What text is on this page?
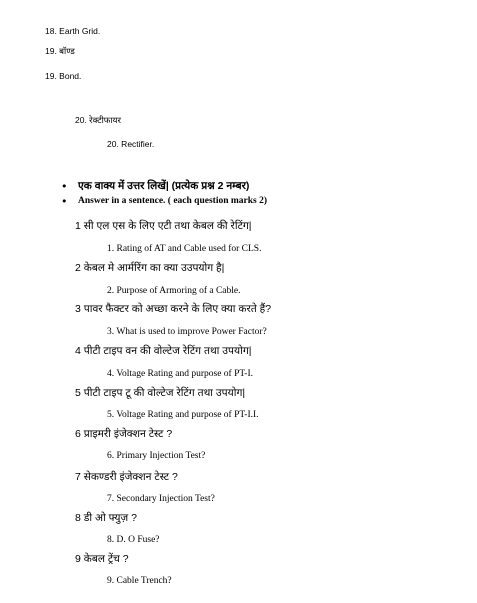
18. Earth Grid.
19. बॉण्ड
19. Bond.
20. रेक्टीफायर
20. Rectifier.
• एक वाक्य में उत्तर लिखें| (प्रत्येक प्रश्न 2 नम्बर)
• Answer in a sentence. ( each question marks 2)
1 सी एल एस के लिए एटी तथा केबल की रेटिंग|
1. Rating of AT and Cable used for CLS.
2 केबल मे आर्मरिंग का क्या उउपयोग है|
2. Purpose of Armoring of a Cable.
3 पावर फैक्टर को अच्छा करने के लिए क्या करते हैं?
3. What is used to improve Power Factor?
4 पीटी टाइप वन की वोल्टेज रेटिंग तथा उपयोग|
4. Voltage Rating and purpose of PT-I.
5 पीटी टाइप टू की वोल्टेज रेटिंग तथा उपयोग|
5. Voltage Rating and purpose of PT-I.I.
6 प्राइमरी इंजेक्शन टेस्ट ?
6. Primary Injection Test?
7 सेकण्डरी इंजेक्शन टेस्ट ?
7. Secondary Injection Test?
8 डी ओ फ्युज़ ?
8. D. O Fuse?
9 केबल ट्रेंच ?
9. Cable Trench?
